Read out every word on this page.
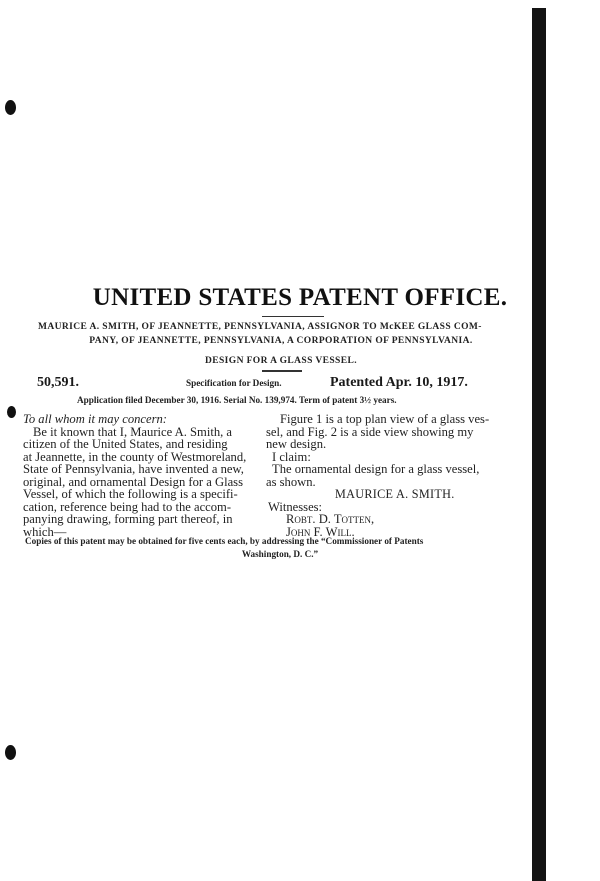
UNITED STATES PATENT OFFICE.
MAURICE A. SMITH, OF JEANNETTE, PENNSYLVANIA, ASSIGNOR TO McKEE GLASS COM-
PANY, OF JEANNETTE, PENNSYLVANIA, A CORPORATION OF PENNSYLVANIA.
DESIGN FOR A GLASS VESSEL.
50,591.	Specification for Design.	Patented Apr. 10, 1917.
Application filed December 30, 1916. Serial No. 139,974. Term of patent 3½ years.
To all whom it may concern:
Be it known that I, Maurice A. Smith, a
citizen of the United States, and residing
at Jeannette, in the county of Westmoreland,
State of Pennsylvania, have invented a new,
original, and ornamental Design for a Glass
Vessel, of which the following is a specifi-
cation, reference being had to the accom-
panying drawing, forming part thereof, in
which—
Figure 1 is a top plan view of a glass ves-
sel, and Fig. 2 is a side view showing my
new design.
I claim:
The ornamental design for a glass vessel,
as shown.
MAURICE A. SMITH.
Witnesses:
Robt. D. Totten,
John F. Will.
Copies of this patent may be obtained for five cents each, by addressing the “Commissioner of Patents
Washington, D. C.”
